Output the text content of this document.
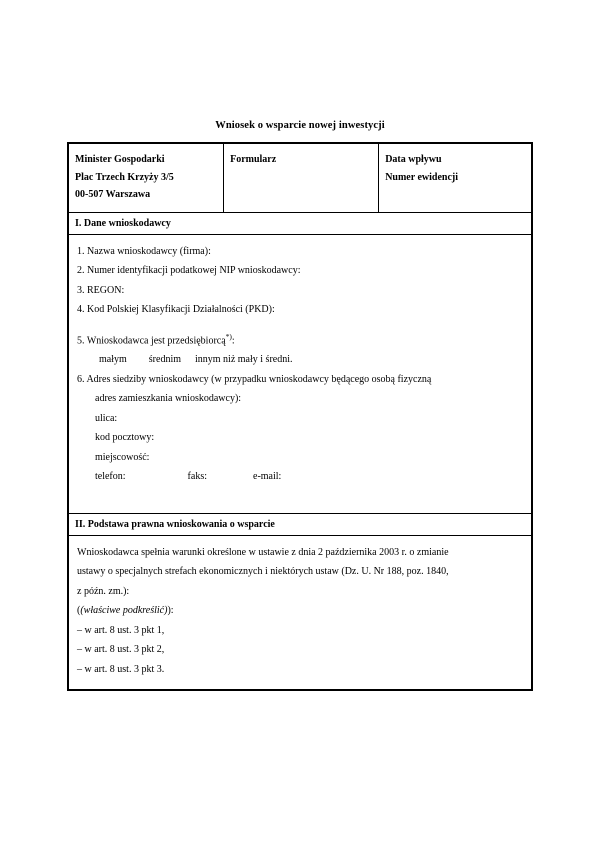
Wniosek o wsparcie nowej inwestycji
Minister Gospodarki
Plac Trzech Krzyży 3/5
00-507 Warszawa

Formularz	Data wpływu
Numer ewidencji

I. Dane wnioskodawcy

1. Nazwa wnioskodawcy (firma):

2. Numer identyfikacji podatkowej NIP wnioskodawcy:

3. REGON:

4. Kod Polskiej Klasyfikacji Działalności (PKD):

5. Wnioskodawca jest przedsiębiorcą*):

małym średnim innym niż mały i średni.

6. Adres siedziby wnioskodawcy (w przypadku wnioskodawcy będącego osobą fizyczną

adres zamieszkania wnioskodawcy):

ulica:

kod pocztowy:

miejscowość:

telefon:	faks:	e-mail:

II. Podstawa prawna wnioskowania o wsparcie

Wnioskodawca spełnia warunki określone w ustawie z dnia 2 października 2003 r. o zmianie

ustawy o specjalnych strefach ekonomicznych i niektórych ustaw (Dz. U. Nr 188, poz. 1840,

z późn. zm.):

((właściwe podkreślić)):

– w art. 8 ust. 3 pkt 1,

– w art. 8 ust. 3 pkt 2,

– w art. 8 ust. 3 pkt 3.
